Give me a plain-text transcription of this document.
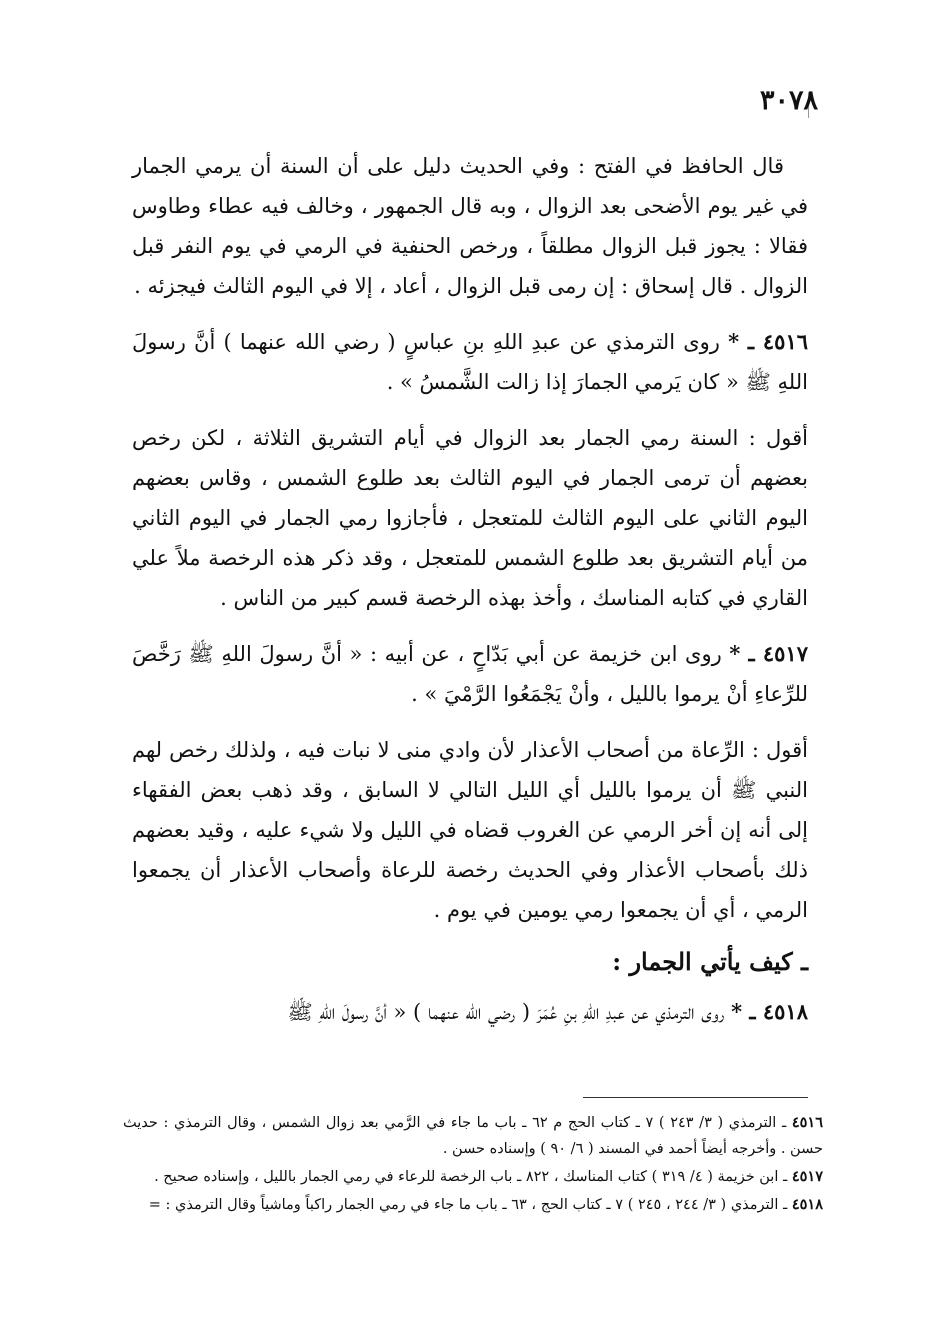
٣٠٧٨

قال الحافظ في الفتح : وفي الحديث دليل على أن السنة أن يرمي الجمار في غير يوم الأضحى بعد الزوال ، وبه قال الجمهور ، وخالف فيه عطاء وطاوس فقالا : يجوز قبل الزوال مطلقاً ، ورخص الحنفية في الرمي في يوم النفر قبل الزوال . قال إسحاق : إن رمى قبل الزوال ، أعاد ، إلا في اليوم الثالث فيجزئه .

٤٥١٦ ـ * روى الترمذي عن عبدِ اللهِ بنِ عباسٍ ( رضي الله عنهما ) أنَّ رسولَ اللهِ ﷺ « كان يَرمي الجمارَ إذا زالت الشَّمسُ » .

أقول : السنة رمي الجمار بعد الزوال في أيام التشريق الثلاثة ، لكن رخص بعضهم أن ترمى الجمار في اليوم الثالث بعد طلوع الشمس ، وقاس بعضهم اليوم الثاني على اليوم الثالث للمتعجل ، فأجازوا رمي الجمار في اليوم الثاني من أيام التشريق بعد طلوع الشمس للمتعجل ، وقد ذكر هذه الرخصة ملاً علي القاري في كتابه المناسك ، وأخذ بهذه الرخصة قسم كبير من الناس .

٤٥١٧ ـ * روى ابن خزيمة عن أبي بَدّاحٍ ، عن أبيه : « أنَّ رسولَ اللهِ ﷺ رَخَّصَ للرِّعاءِ أنْ يرموا بالليل ، وأنْ يَجْمَعُوا الرَّمْيَ » .

أقول : الرِّعاة من أصحاب الأعذار لأن وادي منى لا نبات فيه ، ولذلك رخص لهم النبي ﷺ أن يرموا بالليل أي الليل التالي لا السابق ، وقد ذهب بعض الفقهاء إلى أنه إن أخر الرمي عن الغروب قضاه في الليل ولا شيء عليه ، وقيد بعضهم ذلك بأصحاب الأعذار وفي الحديث رخصة للرعاة وأصحاب الأعذار أن يجمعوا الرمي ، أي أن يجمعوا رمي يومين في يوم .

ـ كيف يأتي الجمار :

٤٥١٨ ـ * روى الترمذي عن عبدِ اللهِ بنِ عُمَرَ ( رضي الله عنهما ) « أنَّ رسولَ اللهِ ﷺ

٤٥١٦ ـ الترمذي ( ٣/ ٢٤٣ ) ٧ ـ كتاب الحج م ٦٢ ـ باب ما جاء في الرَّمي بعد زوال الشمس ، وقال الترمذي : حديث حسن . وأخرجه أيضاً أحمد في المسند ( ٦/ ٩٠ ) وإسناده حسن .

٤٥١٧ ـ ابن خزيمة ( ٤/ ٣١٩ ) كتاب المناسك ، ٨٢٢ ـ باب الرخصة للرعاء في رمي الجمار بالليل ، وإسناده صحيح .

٤٥١٨ ـ الترمذي ( ٣/ ٢٤٤ ، ٢٤٥ ) ٧ ـ كتاب الحج ، ٦٣ ـ باب ما جاء في رمي الجمار راكباً وماشياً وقال الترمذي : =
